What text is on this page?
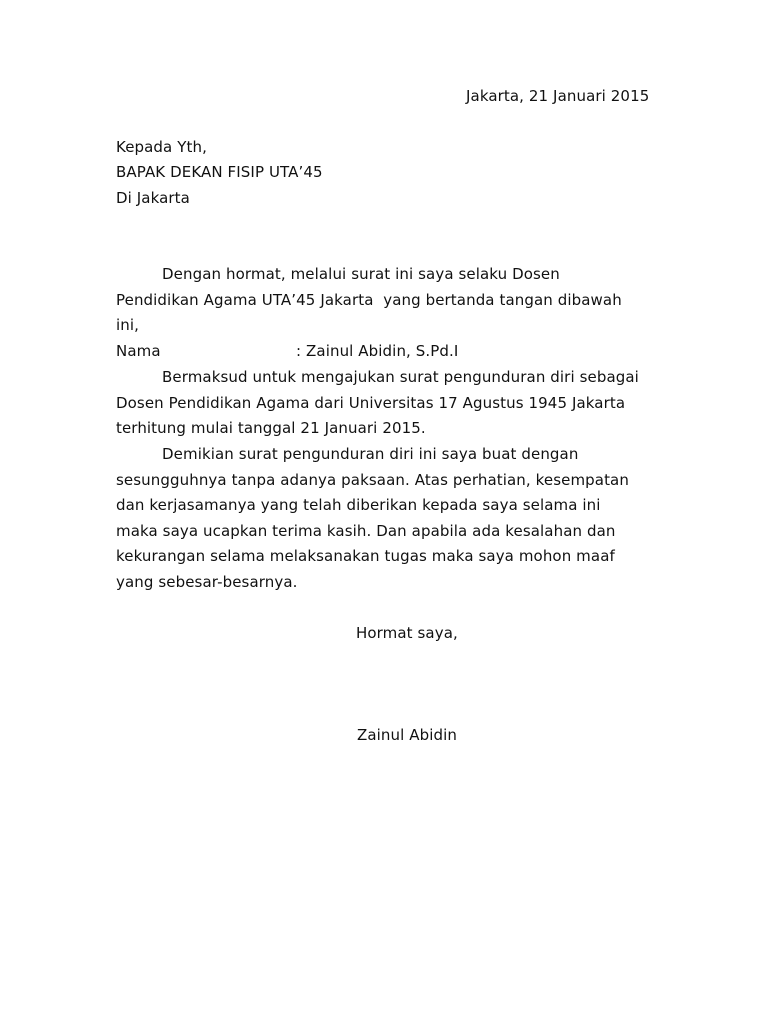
Jakarta, 21 Januari 2015
Kepada Yth,
BAPAK DEKAN FISIP UTA’45
Di Jakarta
Dengan hormat, melalui surat ini saya selaku Dosen
Pendidikan Agama UTA’45 Jakarta  yang bertanda tangan dibawah
ini,
Nama	: Zainul Abidin, S.Pd.I
Bermaksud untuk mengajukan surat pengunduran diri sebagai
Dosen Pendidikan Agama dari Universitas 17 Agustus 1945 Jakarta
terhitung mulai tanggal 21 Januari 2015.
Demikian surat pengunduran diri ini saya buat dengan
sesungguhnya tanpa adanya paksaan. Atas perhatian, kesempatan
dan kerjasamanya yang telah diberikan kepada saya selama ini
maka saya ucapkan terima kasih. Dan apabila ada kesalahan dan
kekurangan selama melaksanakan tugas maka saya mohon maaf
yang sebesar-besarnya.
Hormat saya,
Zainul Abidin
